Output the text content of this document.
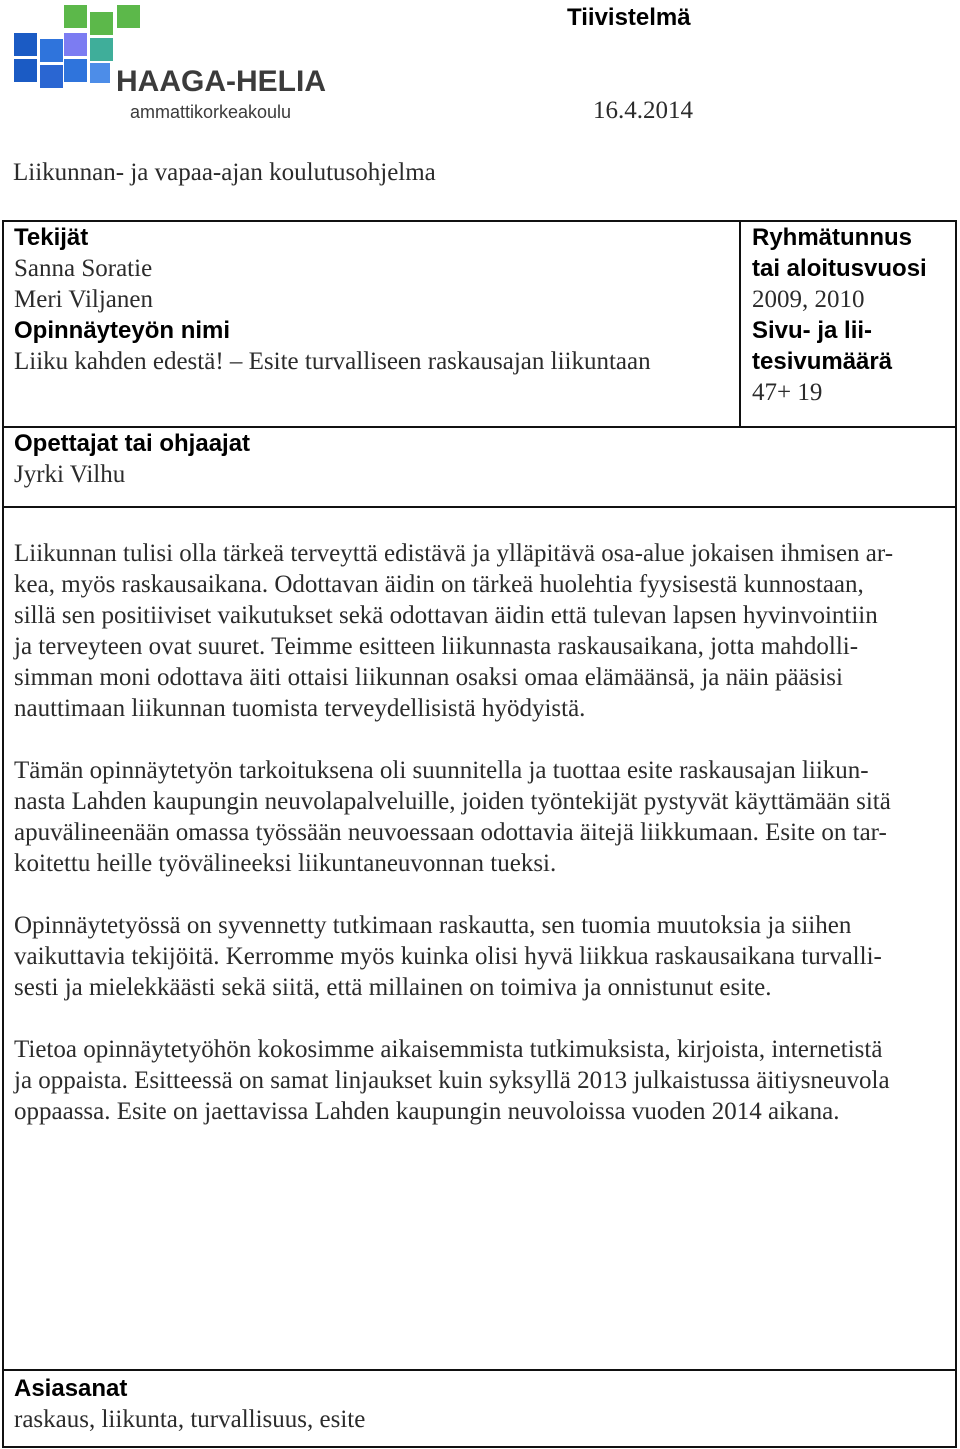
HAAGA-HELIA
ammattikorkeakoulu
Tiivistelmä
16.4.2014
Liikunnan- ja vapaa-ajan koulutusohjelma
Tekijät
Sanna Soratie
Meri Viljanen
Opinnäyteyön nimi
Liiku kahden edestä! – Esite turvalliseen raskausajan liikuntaan
Ryhmätunnus
tai aloitusvuosi
2009, 2010
Sivu- ja lii-
tesivumäärä
47+ 19
Opettajat tai ohjaajat
Jyrki Vilhu
Liikunnan tulisi olla tärkeä terveyttä edistävä ja ylläpitävä osa-alue jokaisen ihmisen ar-
kea, myös raskausaikana. Odottavan äidin on tärkeä huolehtia fyysisestä kunnostaan,
sillä sen positiiviset vaikutukset sekä odottavan äidin että tulevan lapsen hyvinvointiin
ja terveyteen ovat suuret. Teimme esitteen liikunnasta raskausaikana, jotta mahdolli-
simman moni odottava äiti ottaisi liikunnan osaksi omaa elämäänsä, ja näin pääsisi
nauttimaan liikunnan tuomista terveydellisistä hyödyistä.
Tämän opinnäytetyön tarkoituksena oli suunnitella ja tuottaa esite raskausajan liikun-
nasta Lahden kaupungin neuvolapalveluille, joiden työntekijät pystyvät käyttämään sitä
apuvälineenään omassa työssään neuvoessaan odottavia äitejä liikkumaan. Esite on tar-
koitettu heille työvälineeksi liikuntaneuvonnan tueksi.
Opinnäytetyössä on syvennetty tutkimaan raskautta, sen tuomia muutoksia ja siihen
vaikuttavia tekijöitä. Kerromme myös kuinka olisi hyvä liikkua raskausaikana turvalli-
sesti ja mielekkäästi sekä siitä, että millainen on toimiva ja onnistunut esite.
Tietoa opinnäytetyöhön kokosimme aikaisemmista tutkimuksista, kirjoista, internetistä
ja oppaista. Esitteessä on samat linjaukset kuin syksyllä 2013 julkaistussa äitiysneuvola
oppaassa. Esite on jaettavissa Lahden kaupungin neuvoloissa vuoden 2014 aikana.
Asiasanat
raskaus, liikunta, turvallisuus, esite
